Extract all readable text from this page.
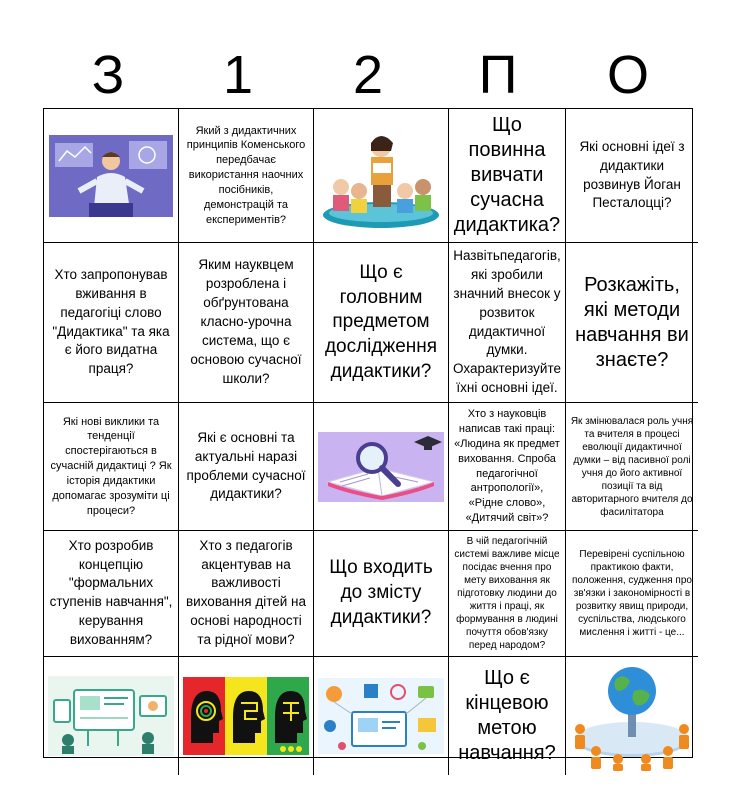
З	1	2	П	О
Який з дидактичних принципів Коменського передбачає використання наочних посібників, демонстрацій та експериментів?
Що повинна вивчати сучасна дидактика?
Які основні ідеї з дидактики розвинув Йоган Песталоцці?
Хто запропонував вживання в педагогіці слово "Дидактика" та яка є його видатна праця?
Яким науквцем розроблена і обґрунтована класно-урочна система, що є основою сучасної школи?
Що є головним предметом дослідження дидактики?
Назвітьпедагогів, які зробили значний внесок у розвиток дидактичної думки. Охарактеризуйте їхні основні ідеї.
Розкажіть, які методи навчання ви знаєте?
Які нові виклики та тенденції спостерігаються в сучасній дидактиці ? Як історія дидактики допомагає зрозуміти ці процеси?
Які є основні та актуальні наразі проблеми сучасної дидактики?
Хто з науковців написав такі праці: «Людина як предмет виховання. Спроба педагогічної антропології», «Рідне слово», «Дитячий світ»?
Як змінювалася роль учня та вчителя в процесі еволюції дидактичної думки – від пасивної ролі учня до його активної позиції та від авторитарного вчителя до фасилітатора
Хто розробив концепцію "формальних ступенів навчання", керування вихованням?
Хто з педагогів акцентував на важливості виховання дітей на основі народності та рідної мови?
Що входить до змісту дидактики?
В чій педагогічній системі важливе місце посідає вчення про мету виховання як підготовку людини до життя і праці, як формування в людині почуття обов'язку перед народом?
Перевірені суспільною практикою факти, положення, судження про зв'язки і закономірності в розвитку явищ природи, суспільства, людського мислення і життi - це...
Що є кінцевою метою навчання?
